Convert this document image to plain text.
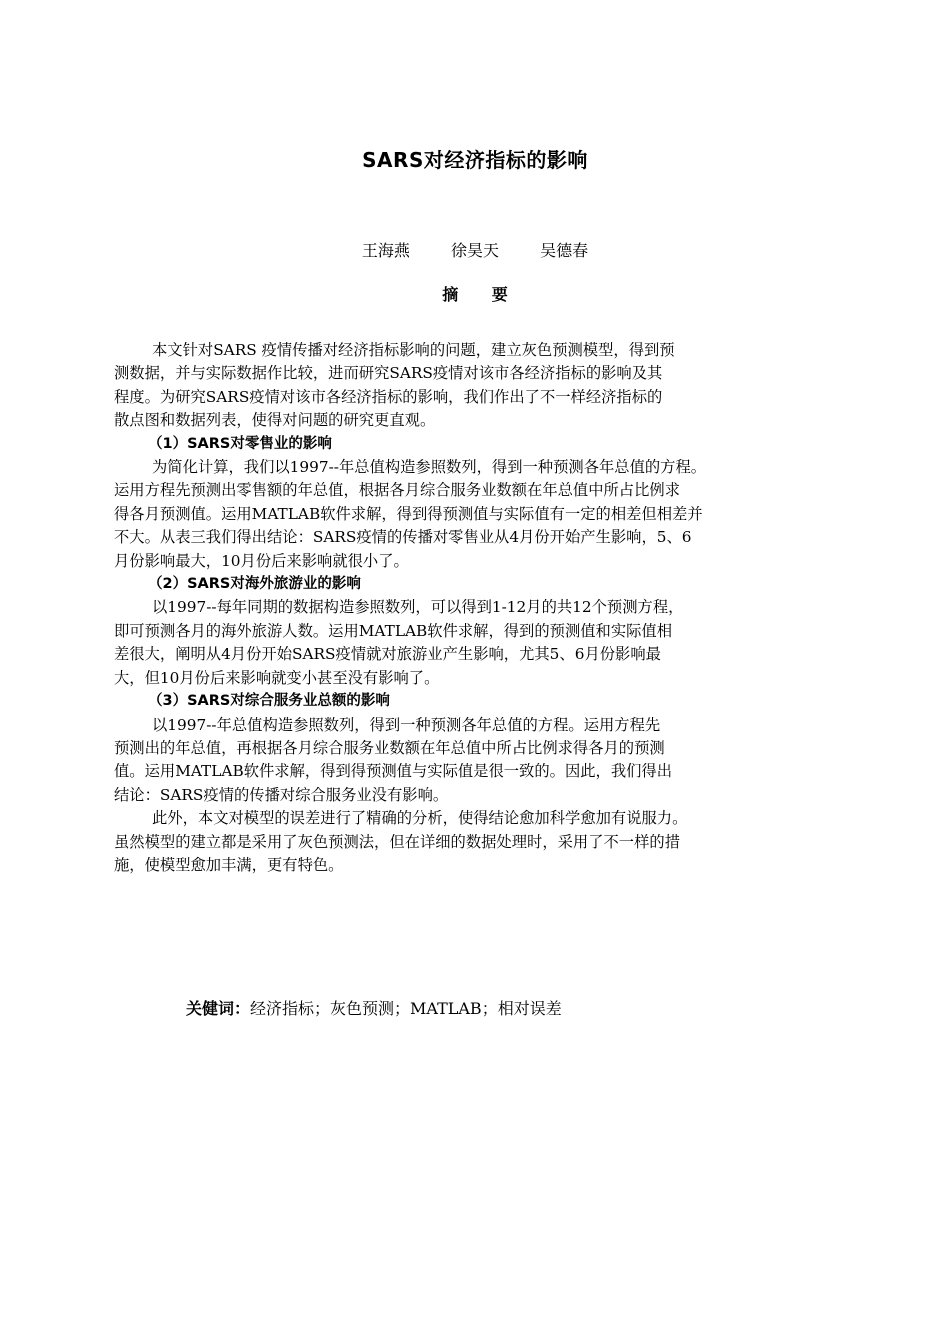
SARS对经济指标的影响
王海燕	徐昊天	吴德春
摘 要

本文针对SARS 疫情传播对经济指标影响的问题，建立灰色预测模型，得到预
测数据，并与实际数据作比较，进而研究SARS疫情对该市各经济指标的影响及其
程度。为研究SARS疫情对该市各经济指标的影响，我们作出了不一样经济指标的
散点图和数据列表，使得对问题的研究更直观。

（1）SARS对零售业的影响
为简化计算，我们以1997--年总值构造参照数列，得到一种预测各年总值的方程。
运用方程先预测出零售额的年总值，根据各月综合服务业数额在年总值中所占比例求
得各月预测值。运用MATLAB软件求解，得到得预测值与实际值有一定的相差但相差并
不大。从表三我们得出结论：SARS疫情的传播对零售业从4月份开始产生影响，5、6
月份影响最大，10月份后来影响就很小了。

（2）SARS对海外旅游业的影响
以1997--每年同期的数据构造参照数列，可以得到1-12月的共12个预测方程，
即可预测各月的海外旅游人数。运用MATLAB软件求解，得到的预测值和实际值相
差很大，阐明从4月份开始SARS疫情就对旅游业产生影响，尤其5、6月份影响最
大，但10月份后来影响就变小甚至没有影响了。

（3）SARS对综合服务业总额的影响
以1997--年总值构造参照数列，得到一种预测各年总值的方程。运用方程先
预测出的年总值，再根据各月综合服务业数额在年总值中所占比例求得各月的预测
值。运用MATLAB软件求解，得到得预测值与实际值是很一致的。因此，我们得出
结论：SARS疫情的传播对综合服务业没有影响。

此外，本文对模型的误差进行了精确的分析，使得结论愈加科学愈加有说服力。
虽然模型的建立都是采用了灰色预测法，但在详细的数据处理时，采用了不一样的措
施，使模型愈加丰满，更有特色。

关健词：经济指标；灰色预测；MATLAB；相对误差
